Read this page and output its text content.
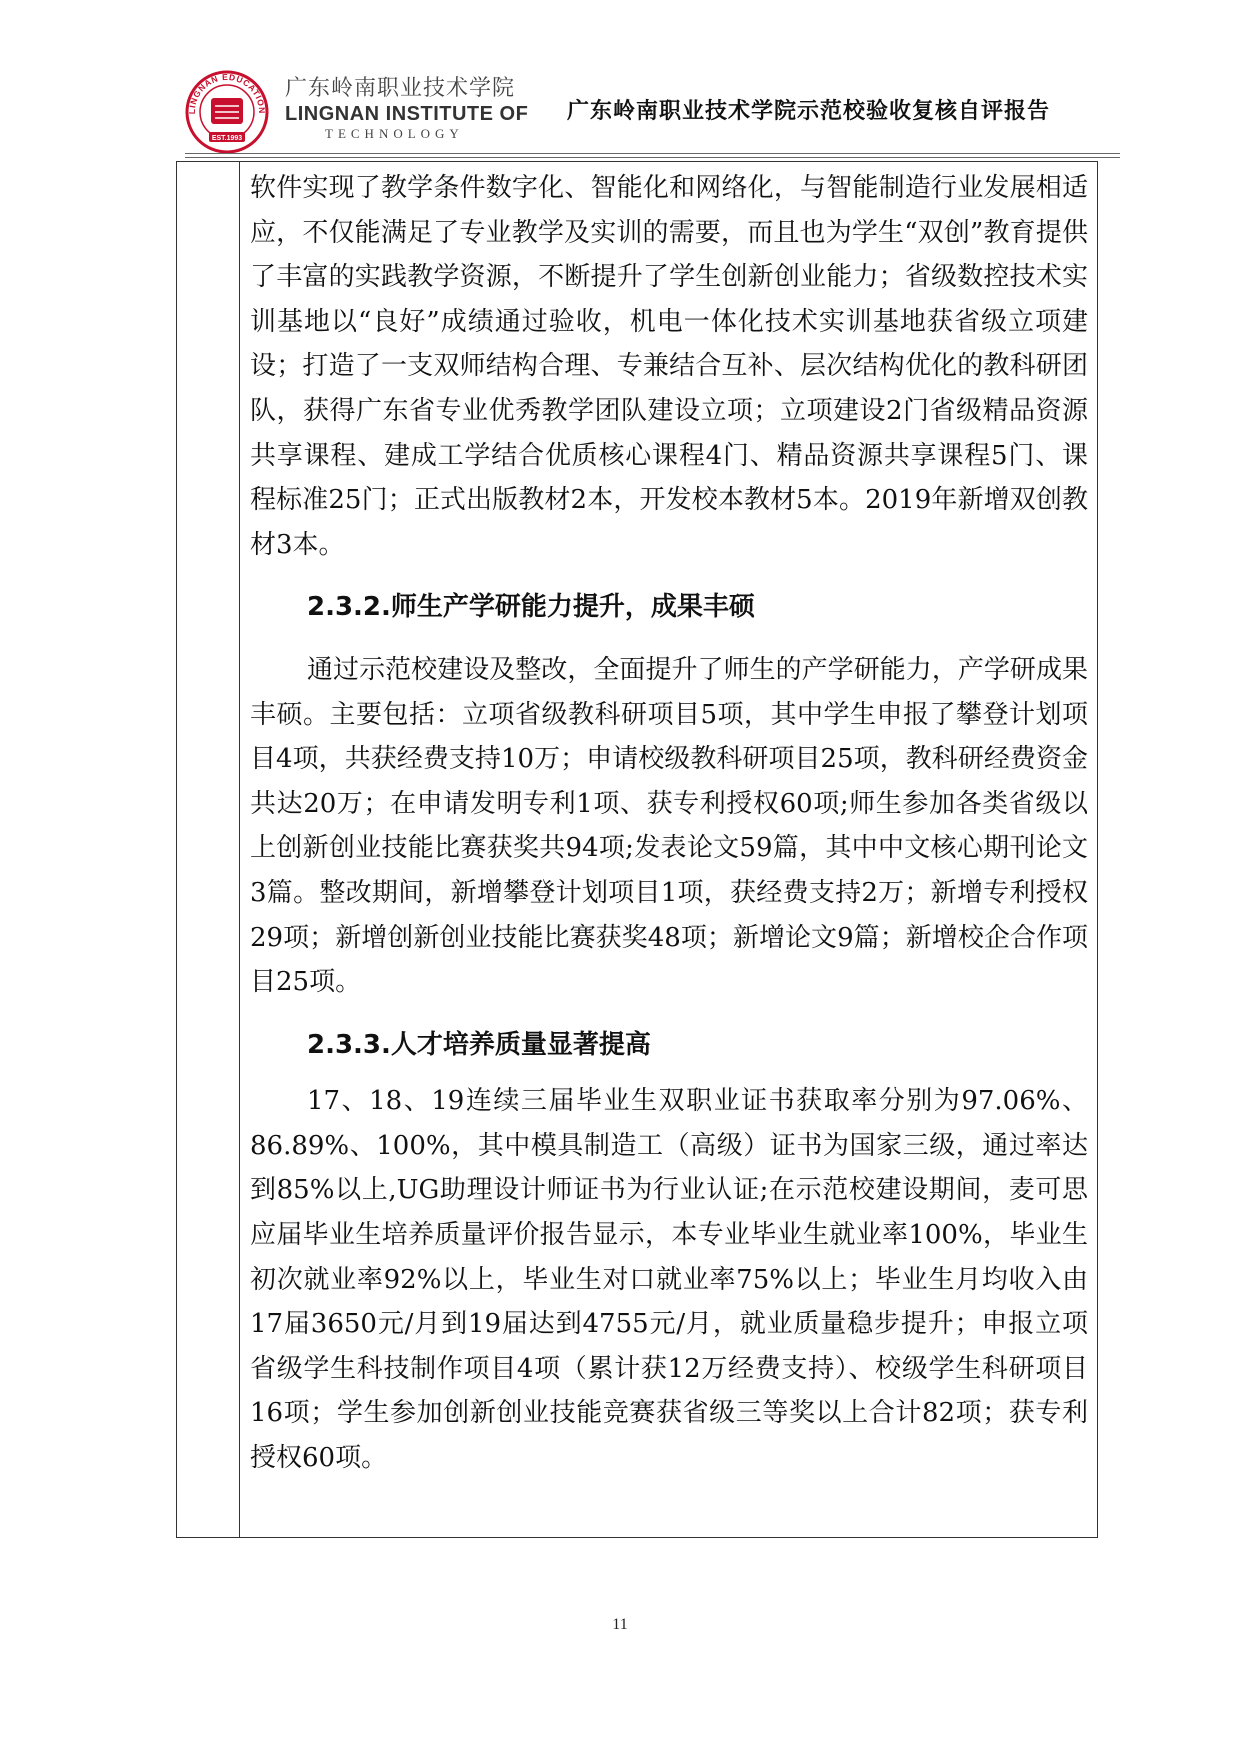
LINGNAN EDUCATION
EST.1993
广东岭南职业技术学院
LINGNAN INSTITUTE OF
TECHNOLOGY
广东岭南职业技术学院示范校验收复核自评报告

软件实现了教学条件数字化、智能化和网络化，与智能制造行业发展相适应，不仅能满足了专业教学及实训的需要，而且也为学生“双创”教育提供了丰富的实践教学资源，不断提升了学生创新创业能力；省级数控技术实训基地以“良好”成绩通过验收，机电一体化技术实训基地获省级立项建设；打造了一支双师结构合理、专兼结合互补、层次结构优化的教科研团队，获得广东省专业优秀教学团队建设立项；立项建设2门省级精品资源共享课程、建成工学结合优质核心课程4门、精品资源共享课程5门、课程标准25门；正式出版教材2本，开发校本教材5本。2019年新增双创教材3本。

2.3.2.师生产学研能力提升，成果丰硕

通过示范校建设及整改，全面提升了师生的产学研能力，产学研成果丰硕。主要包括：立项省级教科研项目5项，其中学生申报了攀登计划项目4项，共获经费支持10万；申请校级教科研项目25项，教科研经费资金共达20万；在申请发明专利1项、获专利授权60项;师生参加各类省级以上创新创业技能比赛获奖共94项;发表论文59篇，其中中文核心期刊论文3篇。整改期间，新增攀登计划项目1项，获经费支持2万；新增专利授权29项；新增创新创业技能比赛获奖48项；新增论文9篇；新增校企合作项目25项。

2.3.3.人才培养质量显著提高

17、18、19连续三届毕业生双职业证书获取率分别为97.06%、86.89%、100%，其中模具制造工（高级）证书为国家三级，通过率达到85%以上,UG助理设计师证书为行业认证;在示范校建设期间，麦可思应届毕业生培养质量评价报告显示，本专业毕业生就业率100%，毕业生初次就业率92%以上，毕业生对口就业率75%以上；毕业生月均收入由17届3650元/月到19届达到4755元/月，就业质量稳步提升；申报立项省级学生科技制作项目4项（累计获12万经费支持）、校级学生科研项目16项；学生参加创新创业技能竞赛获省级三等奖以上合计82项；获专利授权60项。

11
